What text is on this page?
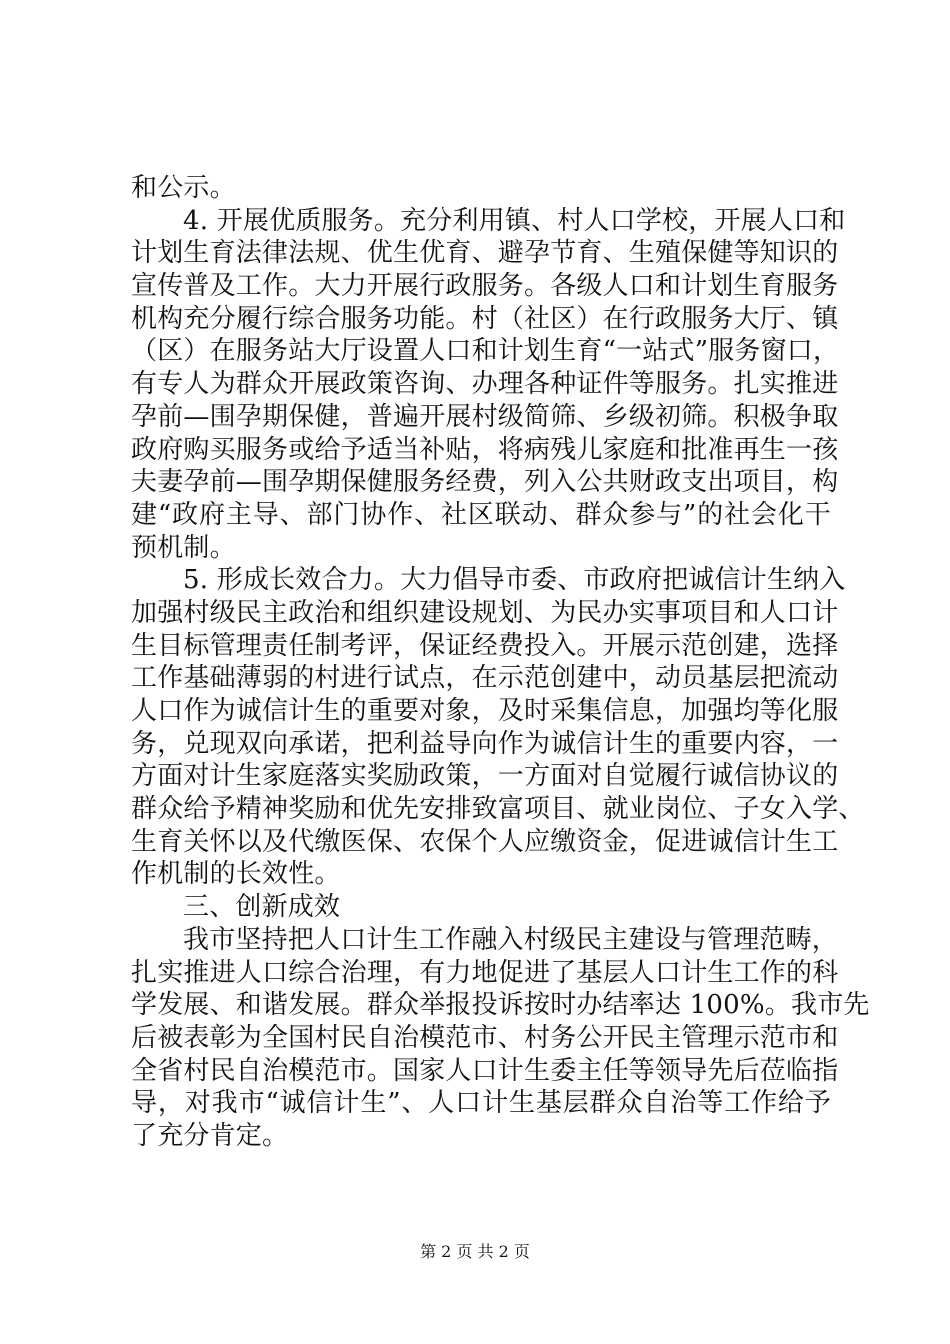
和公示。
4. 开展优质服务。充分利用镇、村人口学校，开展人口和
计划生育法律法规、优生优育、避孕节育、生殖保健等知识的
宣传普及工作。大力开展行政服务。各级人口和计划生育服务
机构充分履行综合服务功能。村（社区）在行政服务大厅、镇
（区）在服务站大厅设置人口和计划生育“一站式”服务窗口，
有专人为群众开展政策咨询、办理各种证件等服务。扎实推进
孕前—围孕期保健，普遍开展村级简筛、乡级初筛。积极争取
政府购买服务或给予适当补贴，将病残儿家庭和批准再生一孩
夫妻孕前—围孕期保健服务经费，列入公共财政支出项目，构
建“政府主导、部门协作、社区联动、群众参与”的社会化干
预机制。
5. 形成长效合力。大力倡导市委、市政府把诚信计生纳入
加强村级民主政治和组织建设规划、为民办实事项目和人口计
生目标管理责任制考评，保证经费投入。开展示范创建，选择
工作基础薄弱的村进行试点，在示范创建中，动员基层把流动
人口作为诚信计生的重要对象，及时采集信息，加强均等化服
务，兑现双向承诺，把利益导向作为诚信计生的重要内容，一
方面对计生家庭落实奖励政策，一方面对自觉履行诚信协议的
群众给予精神奖励和优先安排致富项目、就业岗位、子女入学、
生育关怀以及代缴医保、农保个人应缴资金，促进诚信计生工
作机制的长效性。
三、创新成效
我市坚持把人口计生工作融入村级民主建设与管理范畴，
扎实推进人口综合治理，有力地促进了基层人口计生工作的科
学发展、和谐发展。群众举报投诉按时办结率达 100%。我市先
后被表彰为全国村民自治模范市、村务公开民主管理示范市和
全省村民自治模范市。国家人口计生委主任等领导先后莅临指
导，对我市“诚信计生”、人口计生基层群众自治等工作给予
了充分肯定。
第 2 页 共 2 页
